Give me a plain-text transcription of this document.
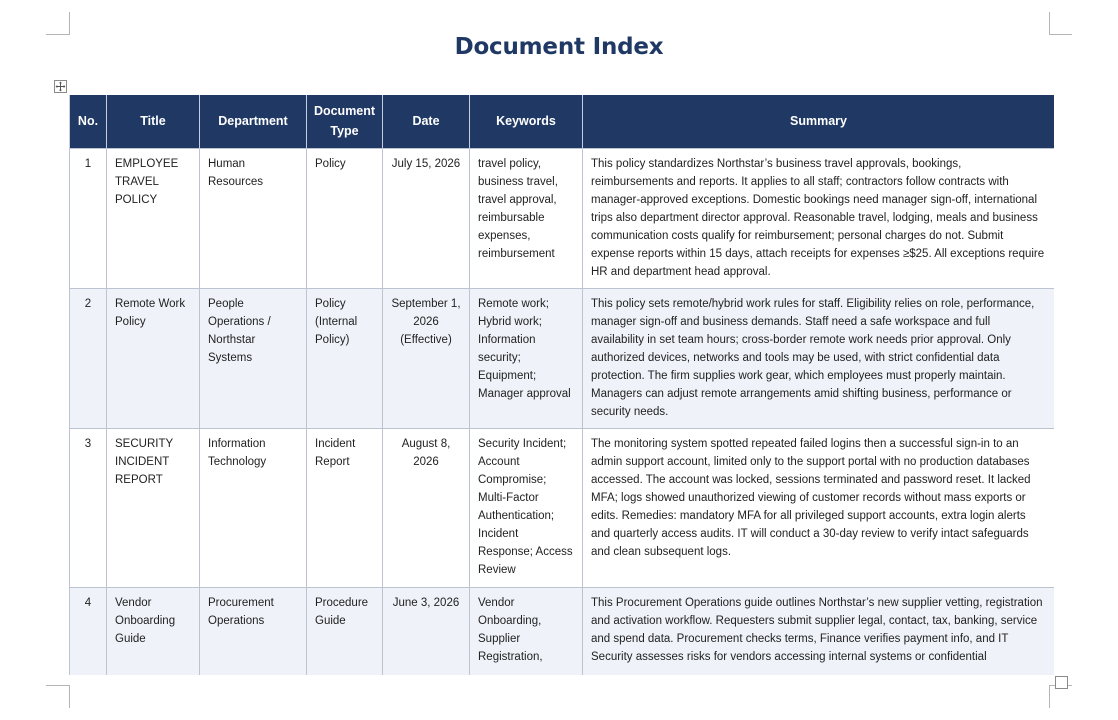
Document Index
No.	Title	Department	Document Type	Date	Keywords	Summary
1	EMPLOYEE TRAVEL POLICY	Human Resources	Policy	July 15, 2026	travel policy, business travel, travel approval, reimbursable expenses, reimbursement	This policy standardizes Northstar’s business travel approvals, bookings, reimbursements and reports. It applies to all staff; contractors follow contracts with manager-approved exceptions. Domestic bookings need manager sign-off, international trips also department director approval. Reasonable travel, lodging, meals and business communication costs qualify for reimbursement; personal charges do not. Submit expense reports within 15 days, attach receipts for expenses ≥$25. All exceptions require HR and department head approval.
2	Remote Work Policy	People Operations / Northstar Systems	Policy (Internal Policy)	September 1, 2026 (Effective)	Remote work; Hybrid work; Information security; Equipment; Manager approval	This policy sets remote/hybrid work rules for staff. Eligibility relies on role, performance, manager sign-off and business demands. Staff need a safe workspace and full availability in set team hours; cross-border remote work needs prior approval. Only authorized devices, networks and tools may be used, with strict confidential data protection. The firm supplies work gear, which employees must properly maintain. Managers can adjust remote arrangements amid shifting business, performance or security needs.
3	SECURITY INCIDENT REPORT	Information Technology	Incident Report	August 8, 2026	Security Incident; Account Compromise; Multi-Factor Authentication; Incident Response; Access Review	The monitoring system spotted repeated failed logins then a successful sign-in to an admin support account, limited only to the support portal with no production databases accessed. The account was locked, sessions terminated and password reset. It lacked MFA; logs showed unauthorized viewing of customer records without mass exports or edits. Remedies: mandatory MFA for all privileged support accounts, extra login alerts and quarterly access audits. IT will conduct a 30-day review to verify intact safeguards and clean subsequent logs.
4	Vendor Onboarding Guide	Procurement Operations	Procedure Guide	June 3, 2026	Vendor Onboarding, Supplier Registration,	This Procurement Operations guide outlines Northstar’s new supplier vetting, registration and activation workflow. Requesters submit supplier legal, contact, tax, banking, service and spend data. Procurement checks terms, Finance verifies payment info, and IT Security assesses risks for vendors accessing internal systems or confidential
